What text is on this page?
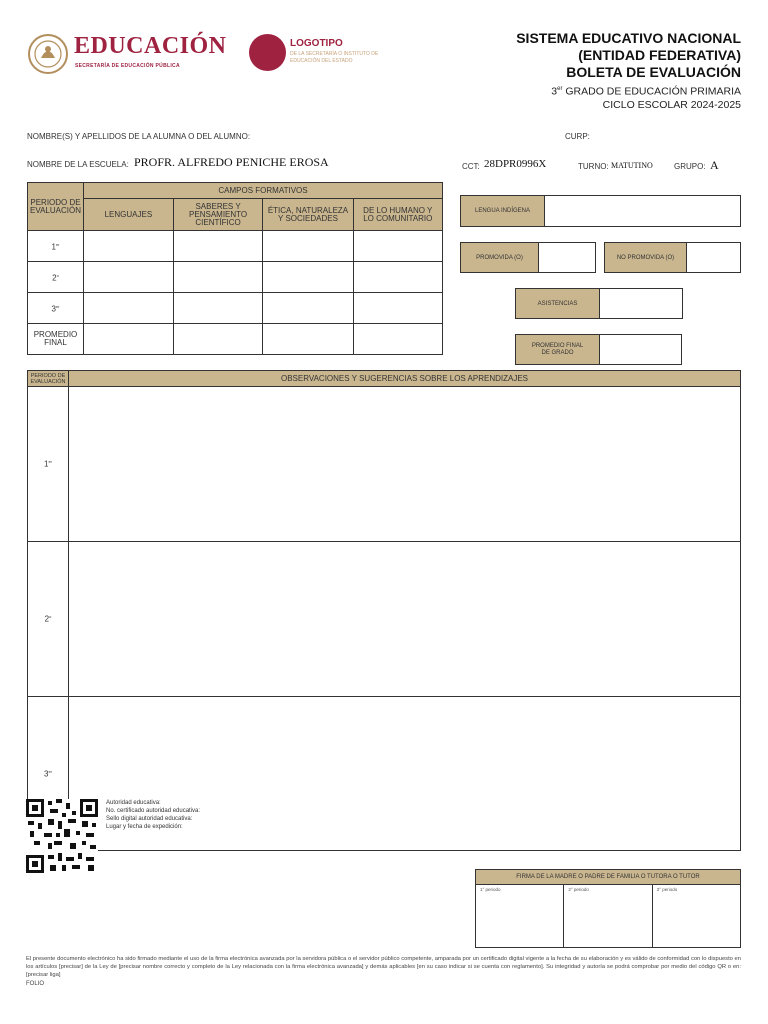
EDUCACIÓN
SECRETARÍA DE EDUCACIÓN PÚBLICA
LOGOTIPO
DE LA SECRETARÍA O INSTITUTO DE EDUCACIÓN DEL ESTADO
SISTEMA EDUCATIVO NACIONAL
(ENTIDAD FEDERATIVA)
BOLETA DE EVALUACIÓN
3er GRADO DE EDUCACIÓN PRIMARIA
CICLO ESCOLAR 2024-2025
NOMBRE(S) Y APELLIDOS DE LA ALUMNA O DEL ALUMNO:	CURP:
NOMBRE DE LA ESCUELA: PROFR. ALFREDO PENICHE EROSA	CCT: 28DPR0996X	TURNO: MATUTINO	GRUPO: A
PERIODO DE EVALUACIÓN	CAMPOS FORMATIVOS			
	LENGUAJES	SABERES Y PENSAMIENTO CIENTÍFICO	ÉTICA, NATURALEZA Y SOCIEDADES	DE LO HUMANO Y LO COMUNITARIO
1er				
2$^o$				
3er				
PROMEDIO FINAL				
LENGUA INDÍGENA
PROMOVIDA (O)	NO PROMOVIDA (O)
ASISTENCIAS
PROMEDIO FINAL DE GRADO
PERIODO DE EVALUACIÓN	OBSERVACIONES Y SUGERENCIAS SOBRE LOS APRENDIZAJES
1er	
2$^o$	
3er	
Autoridad educativa:
No. certificado autoridad educativa:
Sello digital autoridad educativa:
Lugar y fecha de expedición:
FIRMA DE LA MADRE O PADRE DE FAMILIA O TUTORA O TUTOR
1° periodo	2° periodo	3° periodo
El presente documento electrónico ha sido firmado mediante el uso de la firma electrónica avanzada por la servidora pública o el servidor público competente, amparada por un certificado digital vigente a la fecha de su elaboración y es válido de conformidad con lo dispuesto en los artículos [precisar] de la Ley de [precisar nombre correcto y completo de la Ley relacionada con la firma electrónica avanzada] y demás aplicables [en su caso indicar si se cuenta con reglamento]. Su integridad y autoría se podrá comprobar por medio del código QR o en: [precisar liga]
FOLIO
